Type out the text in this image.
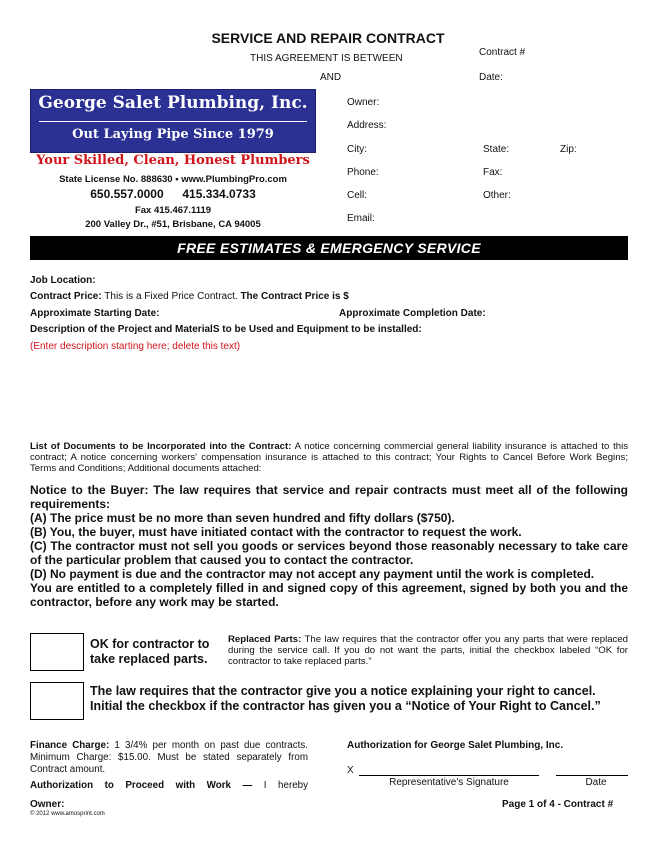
SERVICE AND REPAIR CONTRACT
THIS AGREEMENT IS BETWEEN
AND
Contract #
Date:
George Salet Plumbing, Inc.
Out Laying Pipe Since 1979
Your Skilled, Clean, Honest Plumbers
State License No. 888630 • www.PlumbingPro.com
650.557.0000 415.334.0733
Fax 415.467.1119
200 Valley Dr., #51, Brisbane, CA 94005
Owner:
Address:
City:	State:	Zip:
Phone:	Fax:
Cell:	Other:
Email:
FREE ESTIMATES & EMERGENCY SERVICE
Job Location:
Contract Price: This is a Fixed Price Contract. The Contract Price is $
Approximate Starting Date:	Approximate Completion Date:
Description of the Project and MaterialS to be Used and Equipment to be installed:
(Enter description starting here; delete this text)
List of Documents to be Incorporated into the Contract: A notice concerning commercial general liability insurance is attached to this contract; A notice concerning workers' compensation insurance is attached to this contract; Your Rights to Cancel Before Work Begins; Terms and Conditions; Additional documents attached:
Notice to the Buyer: The law requires that service and repair contracts must meet all of the following requirements:
(A) The price must be no more than seven hundred and fifty dollars ($750).
(B) You, the buyer, must have initiated contact with the contractor to request the work.
(C) The contractor must not sell you goods or services beyond those reasonably necessary to take care of the particular problem that caused you to contact the contractor.
(D) No payment is due and the contractor may not accept any payment until the work is completed.
You are entitled to a completely filled in and signed copy of this agreement, signed by both you and the contractor, before any work may be started.
OK for contractor to take replaced parts.
Replaced Parts: The law requires that the contractor offer you any parts that were replaced during the service call. If you do not want the parts, initial the checkbox labeled “OK for contractor to take replaced parts.”
The law requires that the contractor give you a notice explaining your right to cancel. Initial the checkbox if the contractor has given you a “Notice of Your Right to Cancel.”
Finance Charge: 1 3/4% per month on past due contracts. Minimum Charge: $15.00. Must be stated separately from Contract amount.
Authorization to Proceed with Work — I hereby
Owner:
Authorization for George Salet Plumbing, Inc.
X
Representative's Signature	Date
Page 1 of 4 - Contract #
© 2012 www.amosprint.com
